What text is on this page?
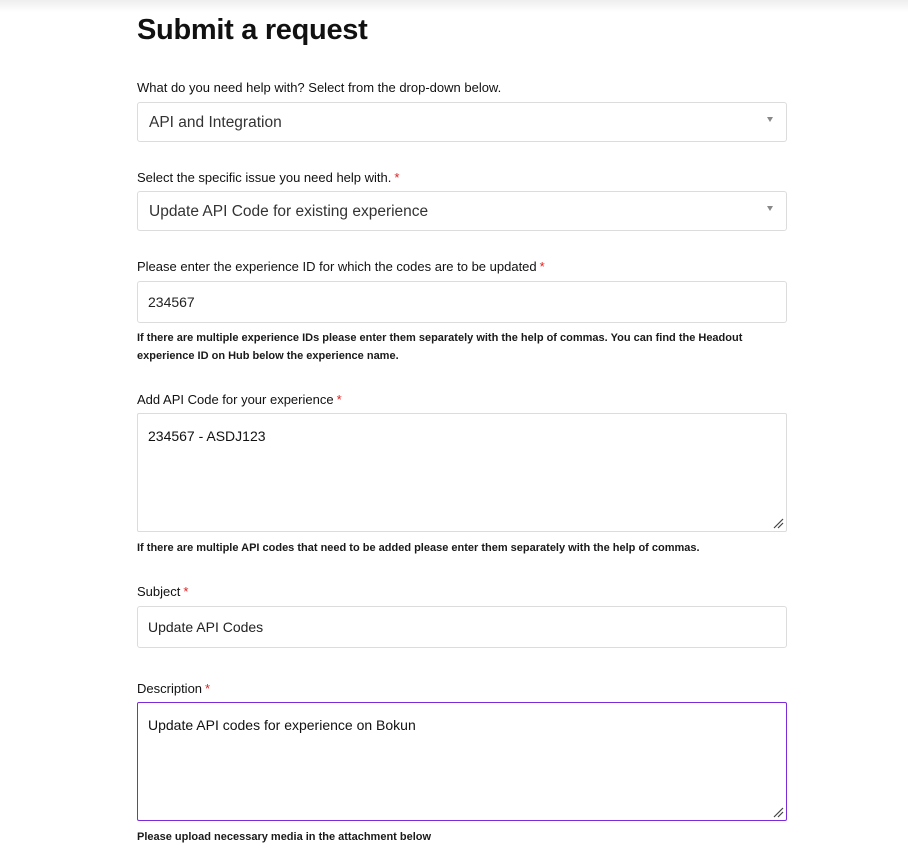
Submit a request
What do you need help with? Select from the drop-down below.
API and Integration
Select the specific issue you need help with. *
Update API Code for existing experience
Please enter the experience ID for which the codes are to be updated *
234567
If there are multiple experience IDs please enter them separately with the help of commas. You can find the Headout experience ID on Hub below the experience name.
Add API Code for your experience *
234567 - ASDJ123
If there are multiple API codes that need to be added please enter them separately with the help of commas.
Subject *
Update API Codes
Description *
Update API codes for experience on Bokun
Please upload necessary media in the attachment below
